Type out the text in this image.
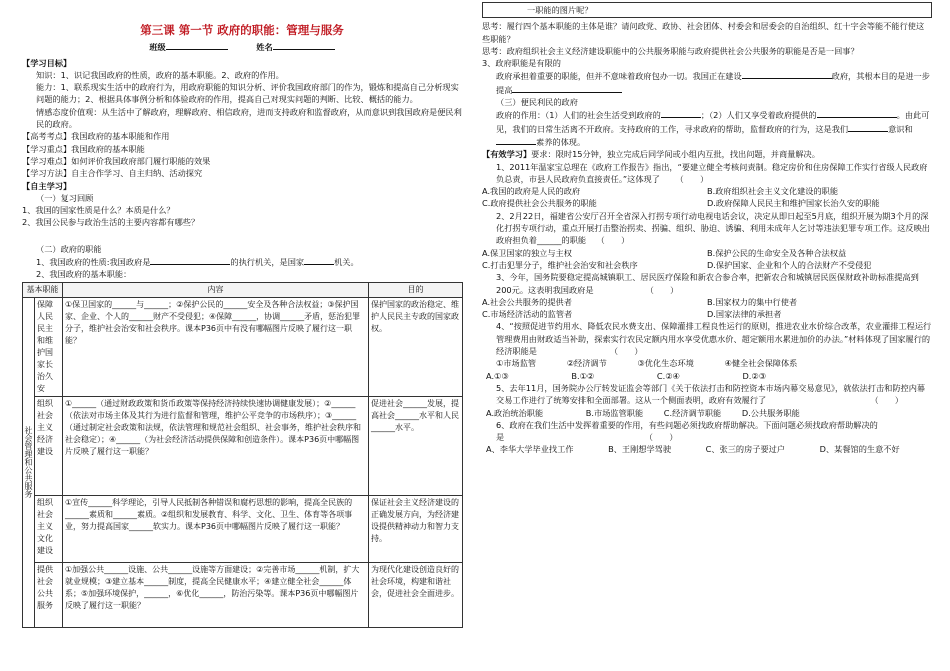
第三课 第一节 政府的职能：管理与服务
班级	姓名

【学习目标】

知识：1、识记我国政府的性质，政府的基本职能。2、政府的作用。

能力：1、联系现实生活中的政府行为，用政府职能的知识分析、评价我国政府部门的作为，锻炼和提高自己分析现实问题的能力；2、根据具体事例分析和体验政府的作用，提高自己对现实问题的判断、比较、概括的能力。

情感态度价值观：从生活中了解政府，理解政府、相信政府，进而支持政府和监督政府，从而意识到我国政府是便民利民的政府。

【高考考点】我国政府的基本职能和作用

【学习重点】我国政府的基本职能

【学习难点】如何评价我国政府部门履行职能的效果

【学习方法】自主合作学习、自主归纳、活动探究

【自主学习】

（一）复习回顾

1、我国的国家性质是什么？本质是什么？

2、我国公民参与政治生活的主要内容都有哪些？

（二）政府的职能

1、我国政府的性质:我国政府是	的执行机关，是国家	机关。

2、我国政府的基本职能：

基本职能		内容	目的
社会管理和公共服务	保障人民民主和维护国家长治久安	①保卫国家的______与______；②保护公民的______安全及各种合法权益；③保护国家、企业、个人的______财产不受侵犯；④保障______，协调______矛盾，惩治犯罪分子，维护社会治安和社会秩序。课本P36页中有没有哪幅图片反映了履行这一职能？	保护国家的政治稳定、维护人民民主专政的国家政权。
	组织社会主义经济建设	①______（通过财政政策和货币政策等保持经济持续快速协调健康发展）；②______（依法对市场主体及其行为进行监督和管理，维护公平竞争的市场秩序）；③______（通过制定社会政策和法规，依法管理和规范社会组织、社会事务，维护社会秩序和社会稳定）；④______（为社会经济活动提供保障和创造条件）。课本P36页中哪幅图片反映了履行这一职能？	促进社会______发展，提高社会______水平和人民______水平。
	组织社会主义文化建设	①宣传______科学理论，引导人民抵制各种错误和腐朽思想的影响，提高全民族的______素质和______素质。②组织和发展教育、科学、文化、卫生、体育等各项事业，努力提高国家______软实力。课本P36页中哪幅图片反映了履行这一职能？	保证社会主义经济建设的正确发展方向，为经济建设提供精神动力和智力支持。
	提供社会公共服务	①加强公共______设施、公共______设施等方面建设；②完善市场______机制，扩大就业规模；③建立基本______制度，提高全民健康水平；④建立健全社会______体系；⑤加强环境保护，______，⑥优化______，防治污染等。课本P36页中哪幅图片反映了履行这一职能？	为现代化建设创造良好的社会环境，构建和谐社会，促进社会全面进步。
一职能的图片呢？

思考：履行四个基本职能的主体是谁？请问政党、政协、社会团体、村委会和居委会的自治组织、红十字会等能不能行使这些职能？

思考：政府组织社会主义经济建设职能中的公共服务职能与政府提供社会公共服务的职能是否是一回事？

3、政府职能是有限的

政府承担着重要的职能，但并不意味着政府包办一切。我国正在建设	政府，其根本目的是进一步提高

（三）便民利民的政府

政府的作用：（1）人们的社会生活受到政府的	；（2）人们又享受着政府提供的	。由此可见，我们的日常生活离不开政府。支持政府的工作，寻求政府的帮助，监督政府的行为，这是我们	意识和
素养的体现。

【有效学习】要求：限时15分钟，独立完成后同学间或小组内互批，找出问题，并商量解决。

1、2011年温家宝总理在《政府工作报告》指出，“要建立健全考核问责制。稳定房价和住房保障工作实行省级人民政府负总责，市县人民政府负直接责任。”这体现了 （　　）

A.我国的政府是人民的政府	B.政府组织社会主义文化建设的职能
C.政府提供社会公共服务的职能	D.政府保障人民民主和维护国家长治久安的职能

2、2月22日，福建省公安厅召开全省深入打拐专项行动电视电话会议，决定从即日起至5月底，组织开展为期3个月的深化打拐专项行动，重点开展打击整治拐卖、拐骗、组织、胁迫、诱骗、利用未成年人乞讨等违法犯罪专项工作。这反映出政府担负着______的职能 （　　）

A.保卫国家的独立与主权	B.保护公民的生命安全及各种合法权益
C.打击犯罪分子，维护社会治安和社会秩序	D.保护国家、企业和个人的合法财产不受侵犯

3、今年，国务院要稳定提高城镇职工、居民医疗保险和新农合参合率，把新农合和城镇居民医保财政补助标准提高到200元。这表明我国政府是	（　　）

A.社会公共服务的提供者	B.国家权力的集中行使者
C.市场经济活动的监管者	D.国家法律的承担者

4、“按照促进节约用水、降低农民水费支出、保障灌排工程良性运行的原则，推进农业水价综合改革，农业灌排工程运行管理费用由财政适当补助，探索实行农民定额内用水享受优惠水价、超定额用水累进加价的办法。”材料体现了国家履行的经济职能是	（　　）

①市场监管	②经济调节	③优化生态环境	④健全社会保障体系
A.①③	B.①②	C.②④	D.②③

5、去年11月，国务院办公厅转发证监会等部门《关于依法打击和防控资本市场内幕交易意见》，就依法打击和防控内幕交易工作进行了统筹安排和全面部署。这从一个侧面表明，政府有效履行了	（　　）

A.政治统治职能	B.市场监管职能	C.经济调节职能	D.公共服务职能

6、政府在我们生活中发挥着重要的作用，有些问题必须找政府帮助解决。下面问题必须找政府帮助解决的是	（　　）

A、李华大学毕业找工作	B、王刚想学驾驶	C、张三的房子要过户	D、某餐馆的生意不好
